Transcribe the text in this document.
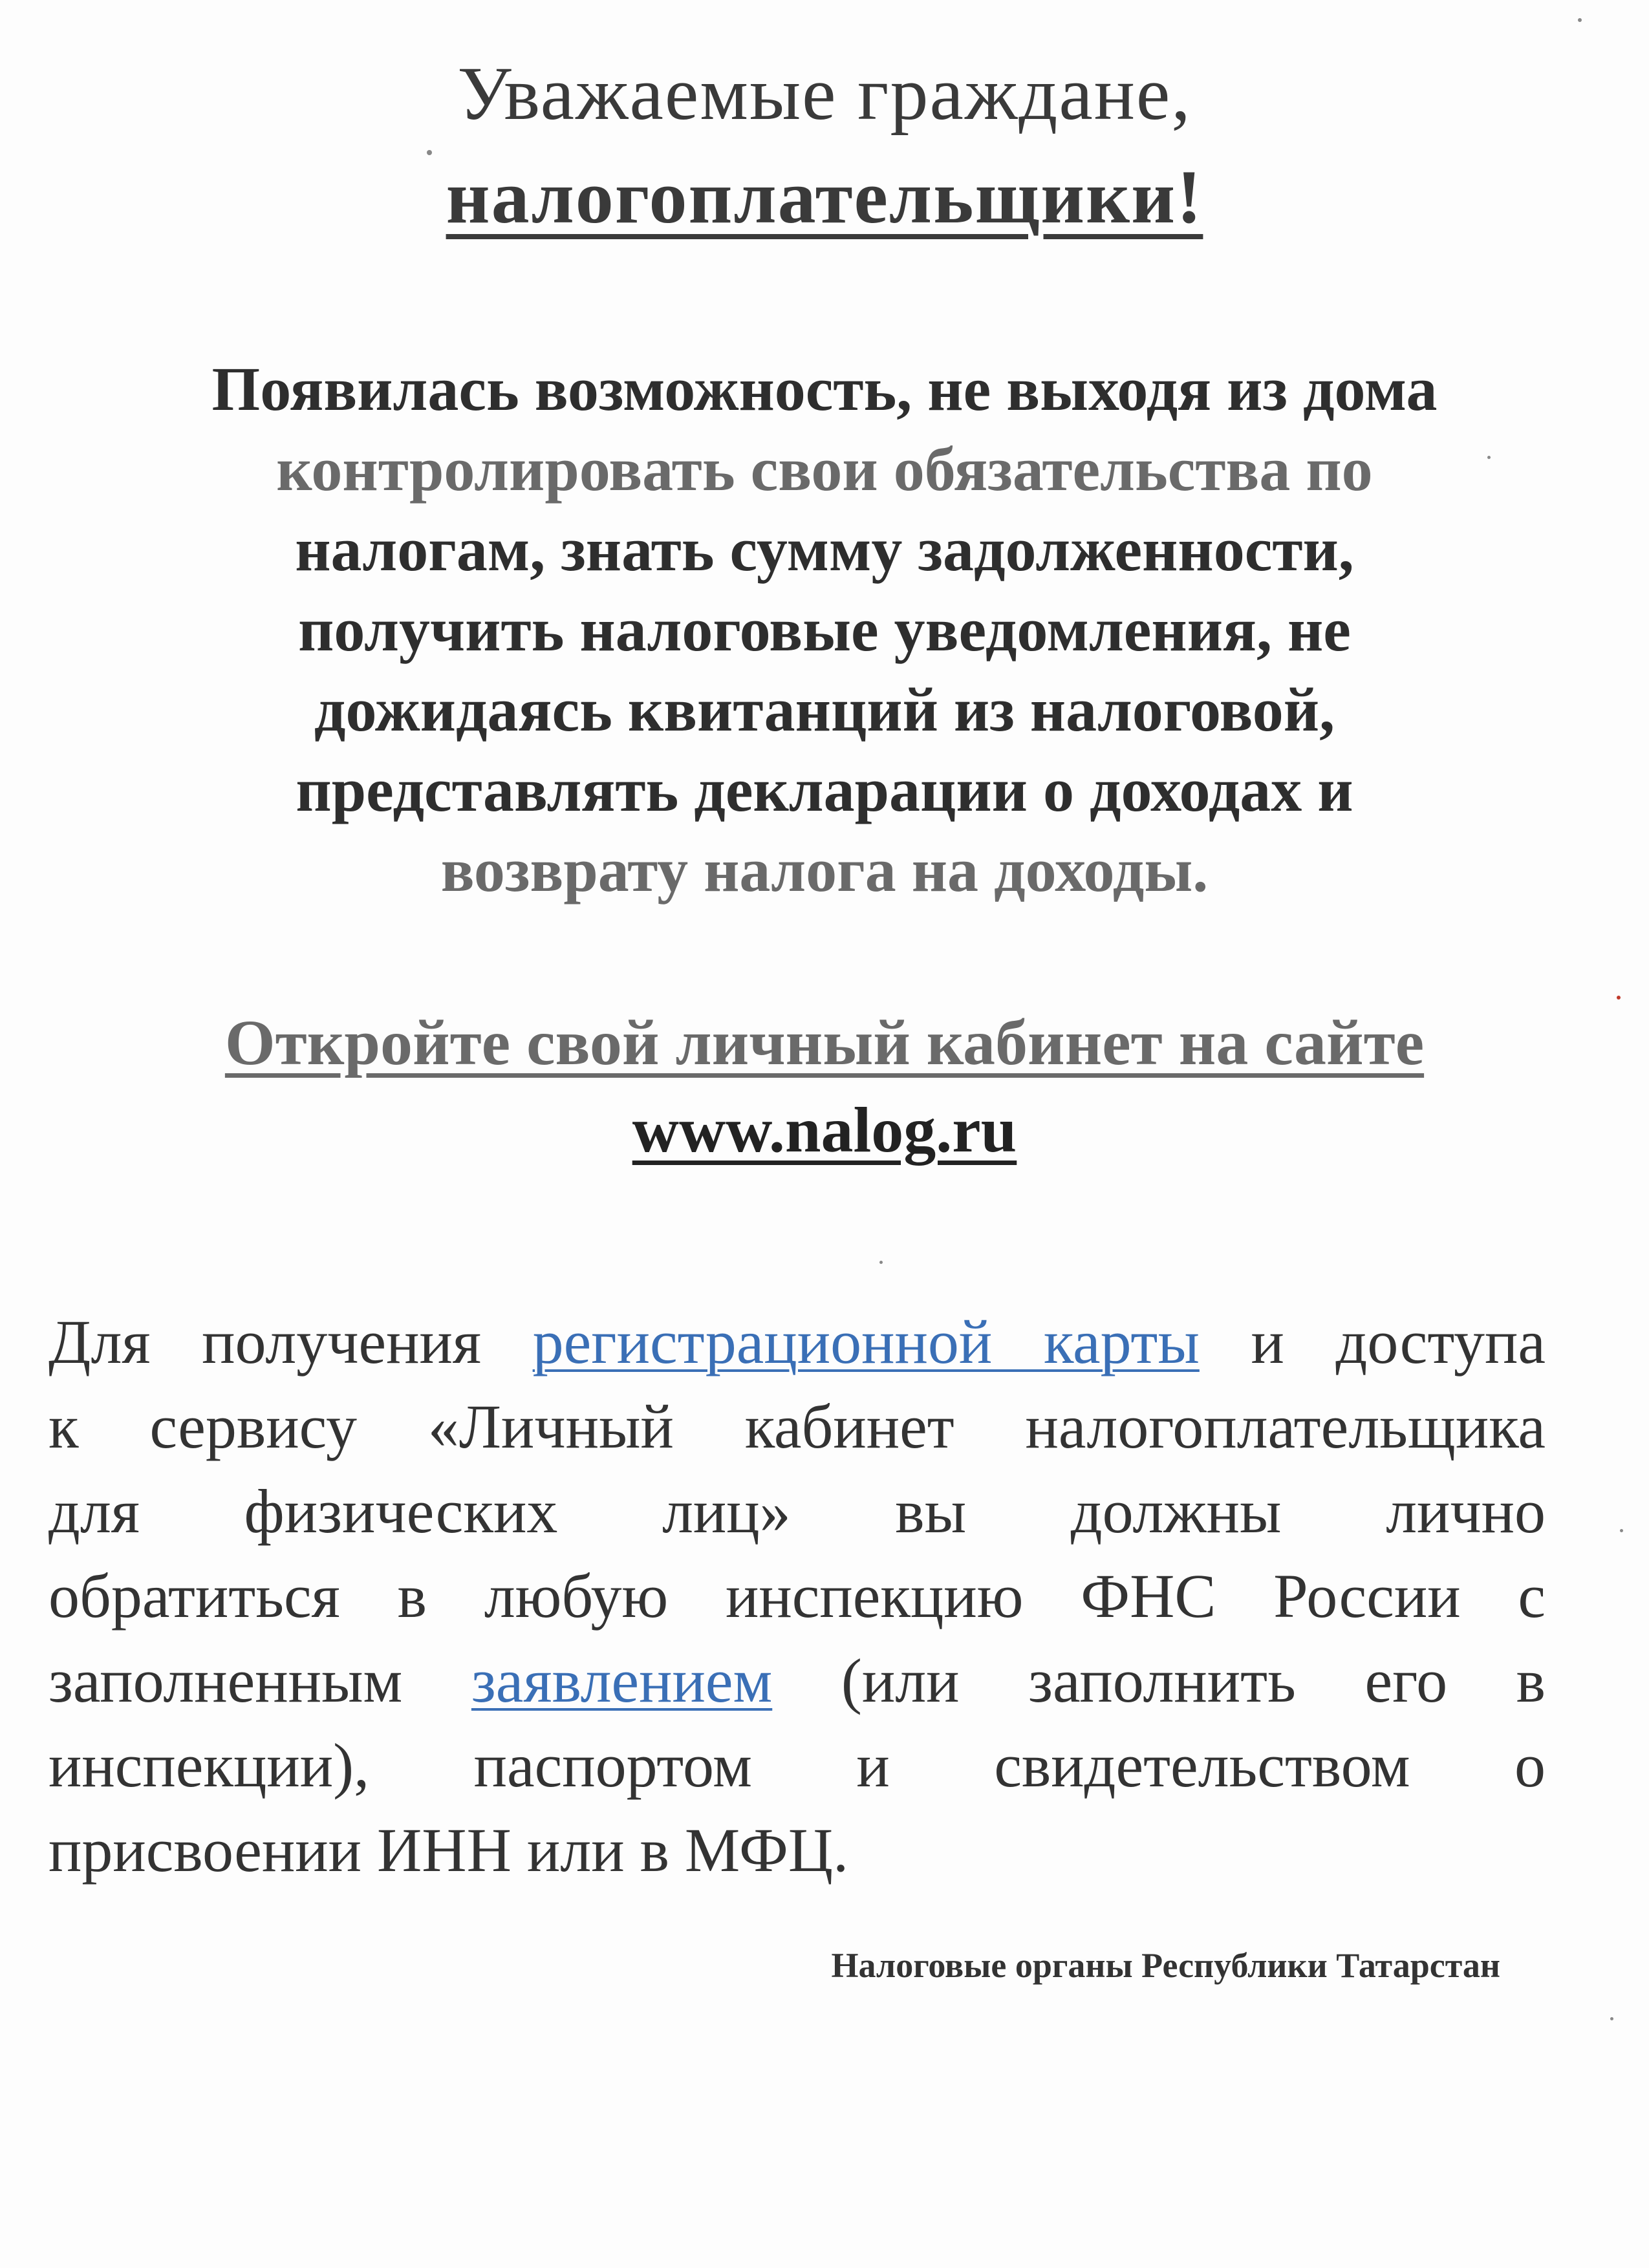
Уважаемые граждане,
налогоплательщики!
Появилась возможность, не выходя из дома
контролировать свои обязательства по
налогам, знать сумму задолженности,
получить налоговые уведомления, не
дожидаясь квитанций из налоговой,
представлять декларации о доходах и
возврату налога на доходы.
Откройте свой личный кабинет на сайте
www.nalog.ru
Для получения регистрационной карты и доступа
к сервису «Личный кабинет налогоплательщика
для физических лиц» вы должны лично
обратиться в любую инспекцию ФНС России с
заполненным заявлением (или заполнить его в
инспекции), паспортом и свидетельством о
присвоении ИНН или в МФЦ.
Налоговые органы Республики Татарстан
